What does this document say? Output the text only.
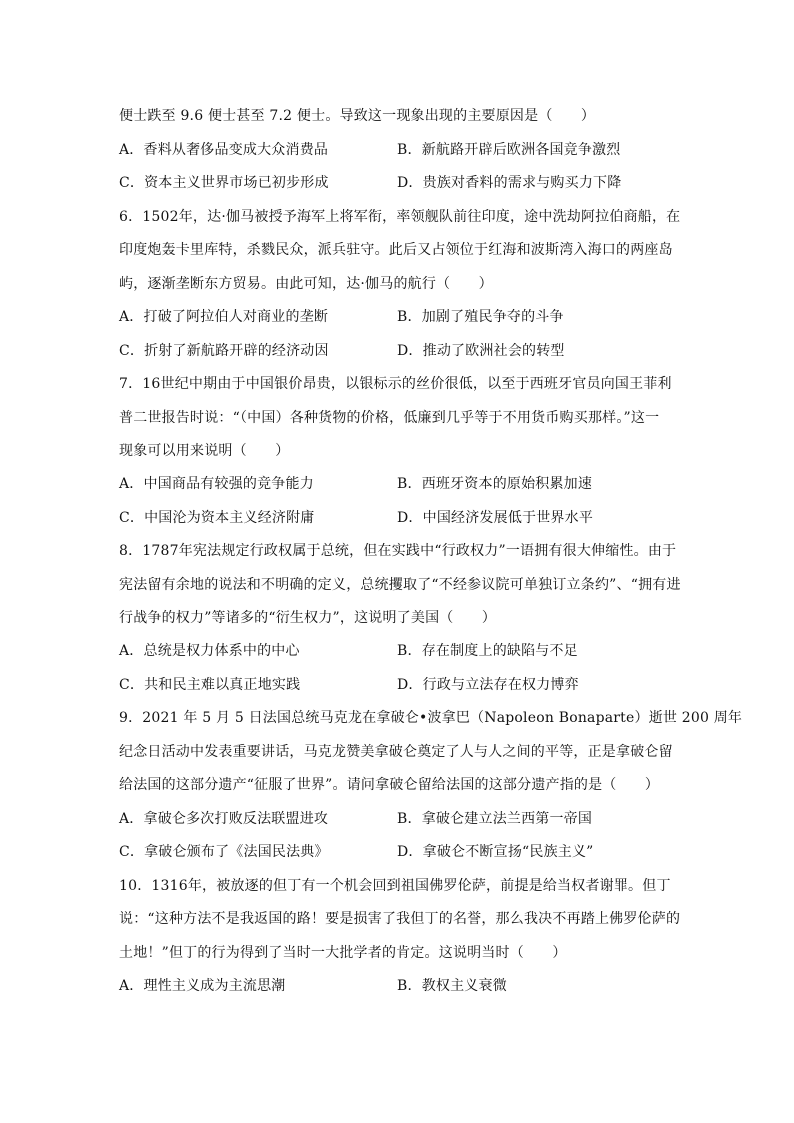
便士跌至 9.6 便士甚至 7.2 便士。导致这一现象出现的主要原因是（　　）
A．香料从奢侈品变成大众消费品	B．新航路开辟后欧洲各国竞争激烈
C．资本主义世界市场已初步形成	D．贵族对香料的需求与购买力下降
6．1502年，达·伽马被授予海军上将军衔，率领舰队前往印度，途中洗劫阿拉伯商船，在
印度炮轰卡里库特，杀戮民众，派兵驻守。此后又占领位于红海和波斯湾入海口的两座岛
屿，逐渐垄断东方贸易。由此可知，达·伽马的航行（　　）
A．打破了阿拉伯人对商业的垄断	B．加剧了殖民争夺的斗争
C．折射了新航路开辟的经济动因	D．推动了欧洲社会的转型
7．16世纪中期由于中国银价昂贵，以银标示的丝价很低，以至于西班牙官员向国王菲利
普二世报告时说：“（中国）各种货物的价格，低廉到几乎等于不用货币购买那样。”这一
现象可以用来说明（　　）
A．中国商品有较强的竞争能力	B．西班牙资本的原始积累加速
C．中国沦为资本主义经济附庸	D．中国经济发展低于世界水平
8．1787年宪法规定行政权属于总统，但在实践中“行政权力”一语拥有很大伸缩性。由于
宪法留有余地的说法和不明确的定义，总统攫取了“不经参议院可单独订立条约”、“拥有进
行战争的权力”等诸多的“衍生权力”，这说明了美国（　　）
A．总统是权力体系中的中心	B．存在制度上的缺陷与不足
C．共和民主难以真正地实践	D．行政与立法存在权力博弈
9．2021 年 5 月 5 日法国总统马克龙在拿破仑•波拿巴（Napoleon Bonaparte）逝世 200 周年
纪念日活动中发表重要讲话，马克龙赞美拿破仑奠定了人与人之间的平等，正是拿破仑留
给法国的这部分遗产“征服了世界”。请问拿破仑留给法国的这部分遗产指的是（　　）
A．拿破仑多次打败反法联盟进攻	B．拿破仑建立法兰西第一帝国
C．拿破仑颁布了《法国民法典》	D．拿破仑不断宣扬“民族主义”
10．1316年，被放逐的但丁有一个机会回到祖国佛罗伦萨，前提是给当权者谢罪。但丁
说：“这种方法不是我返国的路！要是损害了我但丁的名誉，那么我决不再踏上佛罗伦萨的
土地！”但丁的行为得到了当时一大批学者的肯定。这说明当时（　　）
A．理性主义成为主流思潮	B．教权主义衰微
